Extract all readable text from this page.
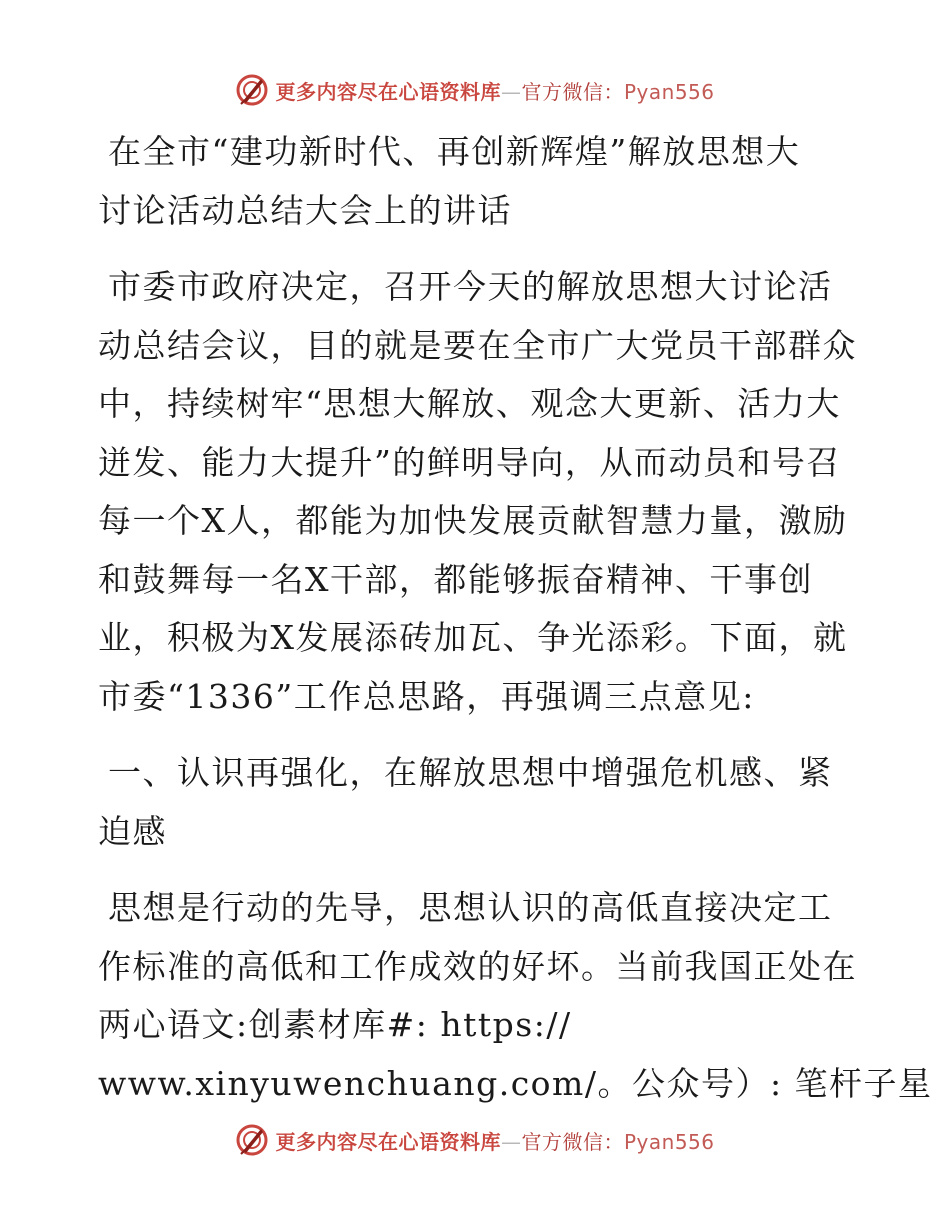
更多内容尽在心语资料库—官方微信：Pyan556
在全市“建功新时代、再创新辉煌”解放思想大
讨论活动总结大会上的讲话
市委市政府决定，召开今天的解放思想大讨论活
动总结会议，目的就是要在全市广大党员干部群众
中，持续树牢“思想大解放、观念大更新、活力大
迸发、能力大提升”的鲜明导向，从而动员和号召
每一个X人，都能为加快发展贡献智慧力量，激励
和鼓舞每一名X干部，都能够振奋精神、干事创
业，积极为X发展添砖加瓦、争光添彩。下面，就
市委“1336”工作总思路，再强调三点意见:
一、认识再强化，在解放思想中增强危机感、紧
迫感
思想是行动的先导，思想认识的高低直接决定工
作标准的高低和工作成效的好坏。当前我国正处在
两心语文:创素材库#: https://
www.xinyuwenchuang.com/。公众号）: 笔杆子星
更多内容尽在心语资料库—官方微信：Pyan556
